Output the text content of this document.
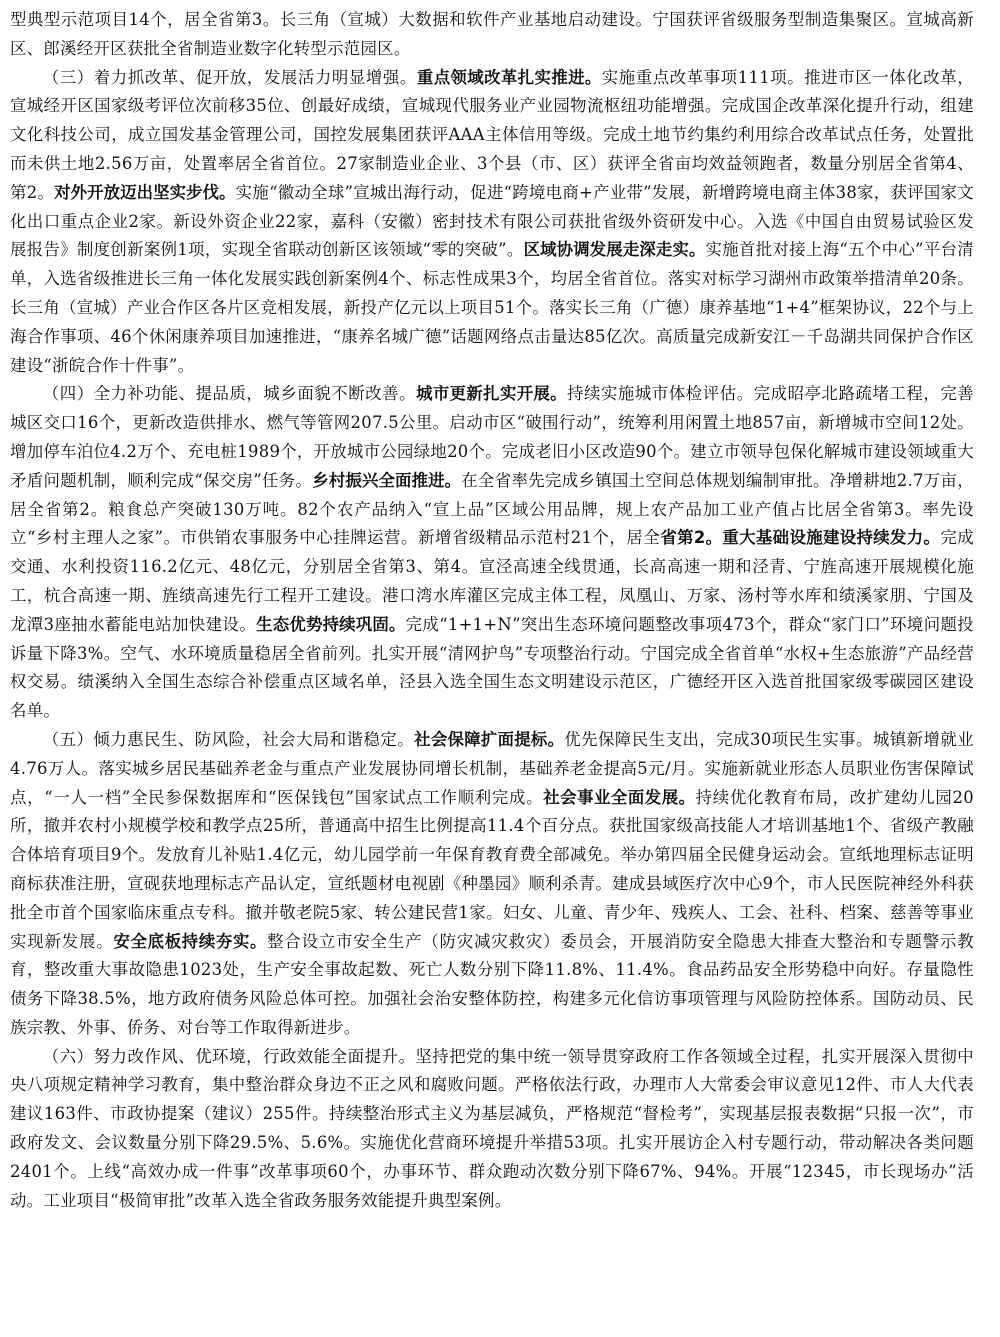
型典型示范项目14个，居全省第3。长三角（宣城）大数据和软件产业基地启动建设。宁国获评省级服务型制造集聚区。宣城高新区、郎溪经开区获批全省制造业数字化转型示范园区。

（三）着力抓改革、促开放，发展活力明显增强。重点领域改革扎实推进。实施重点改革事项111项。推进市区一体化改革，宣城经开区国家级考评位次前移35位、创最好成绩，宣城现代服务业产业园物流枢纽功能增强。完成国企改革深化提升行动，组建文化科技公司，成立国发基金管理公司，国控发展集团获评AAA主体信用等级。完成土地节约集约利用综合改革试点任务，处置批而未供土地2.56万亩，处置率居全省首位。27家制造业企业、3个县（市、区）获评全省亩均效益领跑者，数量分别居全省第4、第2。对外开放迈出坚实步伐。实施“徽动全球”宣城出海行动，促进“跨境电商+产业带”发展，新增跨境电商主体38家，获评国家文化出口重点企业2家。新设外资企业22家，嘉科（安徽）密封技术有限公司获批省级外资研发中心。入选《中国自由贸易试验区发展报告》制度创新案例1项，实现全省联动创新区该领域“零的突破”。区域协调发展走深走实。实施首批对接上海“五个中心”平台清单，入选省级推进长三角一体化发展实践创新案例4个、标志性成果3个，均居全省首位。落实对标学习湖州市政策举措清单20条。长三角（宣城）产业合作区各片区竞相发展，新投产亿元以上项目51个。落实长三角（广德）康养基地“1+4”框架协议，22个与上海合作事项、46个休闲康养项目加速推进，“康养名城广德”话题网络点击量达85亿次。高质量完成新安江－千岛湖共同保护合作区建设“浙皖合作十件事”。

（四）全力补功能、提品质，城乡面貌不断改善。城市更新扎实开展。持续实施城市体检评估。完成昭亭北路疏堵工程，完善城区交口16个，更新改造供排水、燃气等管网207.5公里。启动市区“破围行动”，统筹利用闲置土地857亩，新增城市空间12处。增加停车泊位4.2万个、充电桩1989个，开放城市公园绿地20个。完成老旧小区改造90个。建立市领导包保化解城市建设领域重大矛盾问题机制，顺利完成“保交房”任务。乡村振兴全面推进。在全省率先完成乡镇国土空间总体规划编制审批。净增耕地2.7万亩，居全省第2。粮食总产突破130万吨。82个农产品纳入“宣上品”区域公用品牌，规上农产品加工业产值占比居全省第3。率先设立“乡村主理人之家”。市供销农事服务中心挂牌运营。新增省级精品示范村21个，居全省第2。重大基础设施建设持续发力。完成交通、水利投资116.2亿元、48亿元，分别居全省第3、第4。宣泾高速全线贯通，长高高速一期和泾青、宁旌高速开展规模化施工，杭合高速一期、旌绩高速先行工程开工建设。港口湾水库灌区完成主体工程，凤凰山、万家、汤村等水库和绩溪家朋、宁国及龙潭3座抽水蓄能电站加快建设。生态优势持续巩固。完成“1+1+N”突出生态环境问题整改事项473个，群众“家门口”环境问题投诉量下降3%。空气、水环境质量稳居全省前列。扎实开展“清网护鸟”专项整治行动。宁国完成全省首单“水权+生态旅游”产品经营权交易。绩溪纳入全国生态综合补偿重点区域名单，泾县入选全国生态文明建设示范区，广德经开区入选首批国家级零碳园区建设名单。

（五）倾力惠民生、防风险，社会大局和谐稳定。社会保障扩面提标。优先保障民生支出，完成30项民生实事。城镇新增就业4.76万人。落实城乡居民基础养老金与重点产业发展协同增长机制，基础养老金提高5元/月。实施新就业形态人员职业伤害保障试点，“一人一档”全民参保数据库和“医保钱包”国家试点工作顺利完成。社会事业全面发展。持续优化教育布局，改扩建幼儿园20所，撤并农村小规模学校和教学点25所，普通高中招生比例提高11.4个百分点。获批国家级高技能人才培训基地1个、省级产教融合体培育项目9个。发放育儿补贴1.4亿元，幼儿园学前一年保育教育费全部减免。举办第四届全民健身运动会。宣纸地理标志证明商标获准注册，宣砚获地理标志产品认定，宣纸题材电视剧《种墨园》顺利杀青。建成县域医疗次中心9个，市人民医院神经外科获批全市首个国家临床重点专科。撤并敬老院5家、转公建民营1家。妇女、儿童、青少年、残疾人、工会、社科、档案、慈善等事业实现新发展。安全底板持续夯实。整合设立市安全生产（防灾减灾救灾）委员会，开展消防安全隐患大排查大整治和专题警示教育，整改重大事故隐患1023处，生产安全事故起数、死亡人数分别下降11.8%、11.4%。食品药品安全形势稳中向好。存量隐性债务下降38.5%，地方政府债务风险总体可控。加强社会治安整体防控，构建多元化信访事项管理与风险防控体系。国防动员、民族宗教、外事、侨务、对台等工作取得新进步。

（六）努力改作风、优环境，行政效能全面提升。坚持把党的集中统一领导贯穿政府工作各领域全过程，扎实开展深入贯彻中央八项规定精神学习教育，集中整治群众身边不正之风和腐败问题。严格依法行政，办理市人大常委会审议意见12件、市人大代表建议163件、市政协提案（建议）255件。持续整治形式主义为基层减负，严格规范“督检考”，实现基层报表数据“只报一次”，市政府发文、会议数量分别下降29.5%、5.6%。实施优化营商环境提升举措53项。扎实开展访企入村专题行动，带动解决各类问题2401个。上线“高效办成一件事”改革事项60个，办事环节、群众跑动次数分别下降67%、94%。开展“12345，市长现场办”活动。工业项目“极简审批”改革入选全省政务服务效能提升典型案例。
